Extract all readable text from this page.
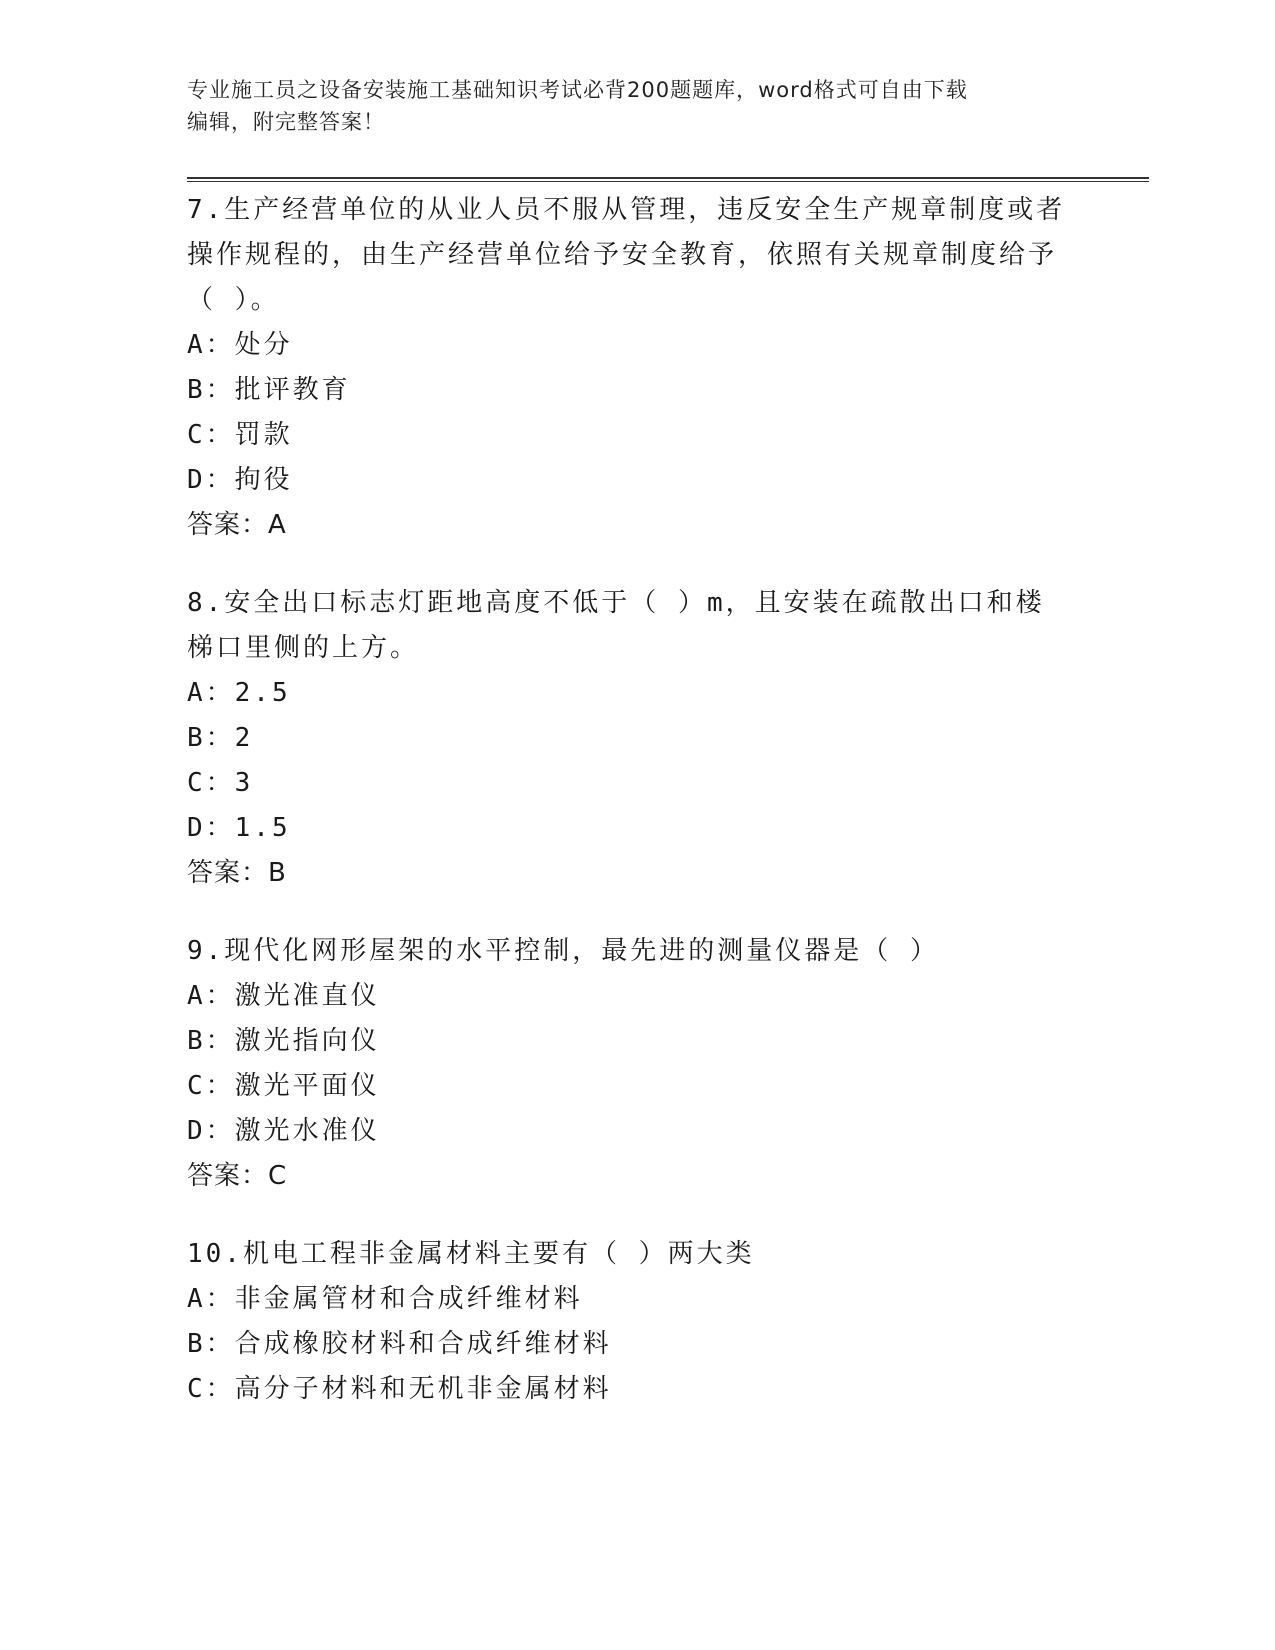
专业施工员之设备安装施工基础知识考试必背200题题库，word格式可自由下载
编辑，附完整答案！

7.生产经营单位的从业人员不服从管理，违反安全生产规章制度或者操作规程的，由生产经营单位给予安全教育，依照有关规章制度给予（ ）。

A：处分

B：批评教育

C：罚款

D：拘役

答案：A

8.安全出口标志灯距地高度不低于（ ）m，且安装在疏散出口和楼梯口里侧的上方。

A：2.5

B：2

C：3

D：1.5

答案：B

9.现代化网形屋架的水平控制，最先进的测量仪器是（ ）

A：激光准直仪

B：激光指向仪

C：激光平面仪

D：激光水准仪

答案：C

10.机电工程非金属材料主要有（ ）两大类

A：非金属管材和合成纤维材料

B：合成橡胶材料和合成纤维材料

C：高分子材料和无机非金属材料
